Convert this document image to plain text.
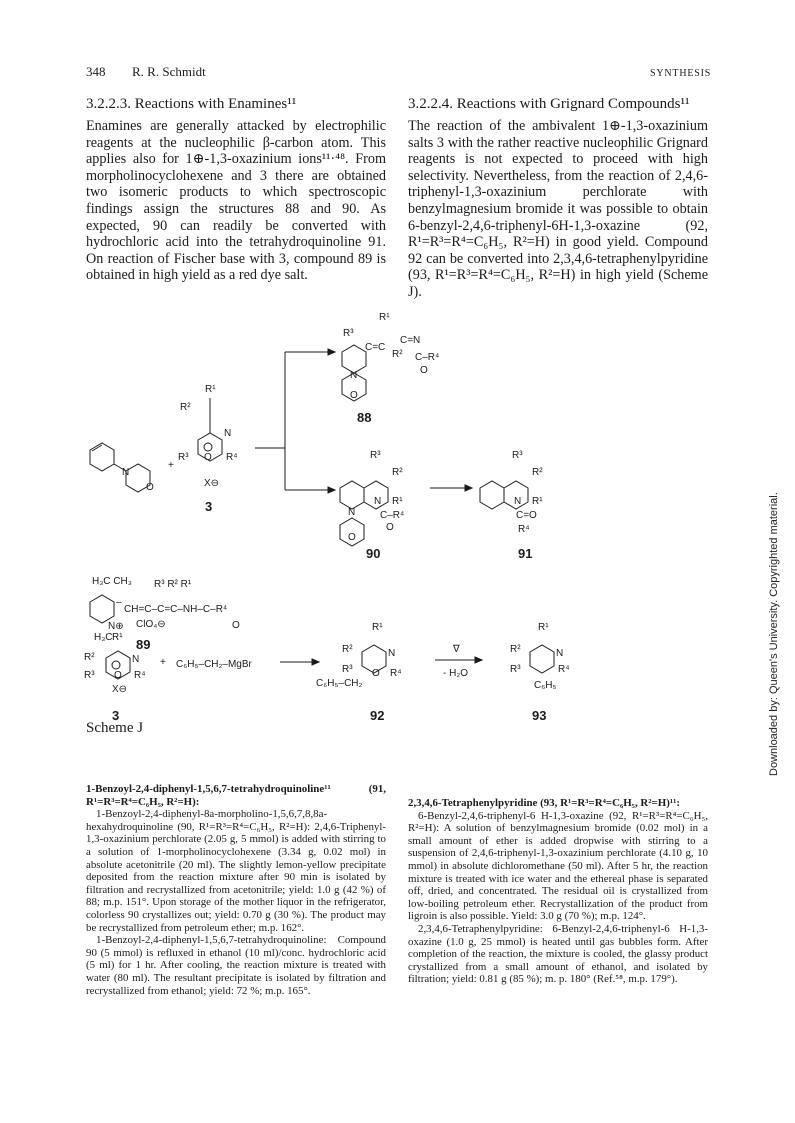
348 R. R. Schmidt	SYNTHESIS
3.2.2.3. Reactions with Enamines¹¹	3.2.2.4. Reactions with Grignard Compounds¹¹
Enamines are generally attacked by electrophilic reagents at the nucleophilic β-carbon atom. This applies also for 1⊕-1,3-oxazinium ions¹¹·⁴⁸. From morpholinocyclohexene and 3 there are obtained two isomeric products to which spectroscopic findings assign the structures 88 and 90. As expected, 90 can readily be converted with hydrochloric acid into the tetrahydroquinoline 91. On reaction of Fischer base with 3, compound 89 is obtained in high yield as a red dye salt.
The reaction of the ambivalent 1⊕-1,3-oxazinium salts 3 with the rather reactive nucleophilic Grignard reagents is not expected to proceed with high selectivity. Nevertheless, from the reaction of 2,4,6-triphenyl-1,3-oxazinium perchlorate with benzylmagnesium bromide it was possible to obtain 6-benzyl-2,4,6-triphenyl-6H-1,3-oxazine (92, R¹=R³=R⁴=C₆H₅, R²=H) in good yield. Compound 92 can be converted into 2,3,4,6-tetraphenylpyridine (93, R¹=R³=R⁴=C₆H₅, R²=H) in high yield (Scheme J).
N
O
+
R¹
R²
N
R³ O R⁴
X⊖
3
R¹
R³
C=C
C=N
C–R⁴
O
R²
N
O
88
R³
R²
N R¹
C–R⁴
O
N
O
90
R³
R²
N R¹
C=O
R⁴
91
H₃C CH₃
–
CH=C–C=C–NH–C–R⁴
R³ R² R¹
N⊕
H₃C
ClO₄⊖	O
89
R¹
R²	N
R³ O R⁴
X⊖
3
+ C₆H₅–CH₂–MgBr
R¹
R²	N
R³ O R⁴
C₆H₅–CH₂
92
∇
- H₂O
R¹
R²	N
R³	R⁴
C₆H₅
93
Scheme J

1-Benzoyl-2,4-diphenyl-1,5,6,7-tetrahydroquinoline¹¹ (91, R¹=R³=R⁴=C₆H₅, R²=H):

1-Benzoyl-2,4-diphenyl-8a-morpholino-1,5,6,7,8,8a-hexahydroquinoline (90, R¹=R³=R⁴=C₆H₅, R²=H): 2,4,6-Triphenyl-1,3-oxazinium perchlorate (2.05 g, 5 mmol) is added with stirring to a solution of 1-morpholinocyclohexene (3.34 g, 0.02 mol) in absolute acetonitrile (20 ml). The slightly lemon-yellow precipitate deposited from the reaction mixture after 90 min is isolated by filtration and recrystallized from acetonitrile; yield: 1.0 g (42 %) of 88; m.p. 151°. Upon storage of the mother liquor in the refrigerator, colorless 90 crystallizes out; yield: 0.70 g (30 %). The product may be recrystallized from petroleum ether; m.p. 162°.

1-Benzoyl-2,4-diphenyl-1,5,6,7-tetrahydroquinoline: Compound 90 (5 mmol) is refluxed in ethanol (10 ml)/conc. hydrochloric acid (5 ml) for 1 hr. After cooling, the reaction mixture is treated with water (80 ml). The resultant precipitate is isolated by filtration and recrystallized from ethanol; yield: 72 %; m.p. 165°.

2,3,4,6-Tetraphenylpyridine (93, R¹=R³=R⁴=C₆H₅, R²=H)¹¹:

6-Benzyl-2,4,6-triphenyl-6 H-1,3-oxazine (92, R¹=R³=R⁴=C₆H₅, R²=H): A solution of benzylmagnesium bromide (0.02 mol) in a small amount of ether is added dropwise with stirring to a suspension of 2,4,6-triphenyl-1,3-oxazinium perchlorate (4.10 g, 10 mmol) in absolute dichloromethane (50 ml). After 5 hr, the reaction mixture is treated with ice water and the ethereal phase is separated off, dried, and concentrated. The residual oil is crystallized from low-boiling petroleum ether. Recrystallization of the product from ligroin is also possible. Yield: 3.0 g (70 %); m.p. 124°.

2,3,4,6-Tetraphenylpyridine: 6-Benzyl-2,4,6-triphenyl-6 H-1,3-oxazine (1.0 g, 25 mmol) is heated until gas bubbles form. After completion of the reaction, the mixture is cooled, the glassy product crystallized from a small amount of ethanol, and isolated by filtration; yield: 0.81 g (85 %); m. p. 180° (Ref.⁵⁸, m.p. 179°).

Downloaded by: Queen's University. Copyrighted material.
